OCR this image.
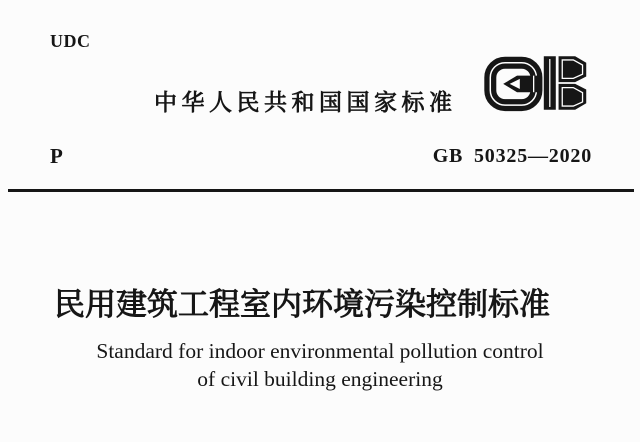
UDC
中华人民共和国国家标准
P	GB 50325—2020
民用建筑工程室内环境污染控制标准
Standard for indoor environmental pollution control
of civil building engineering
